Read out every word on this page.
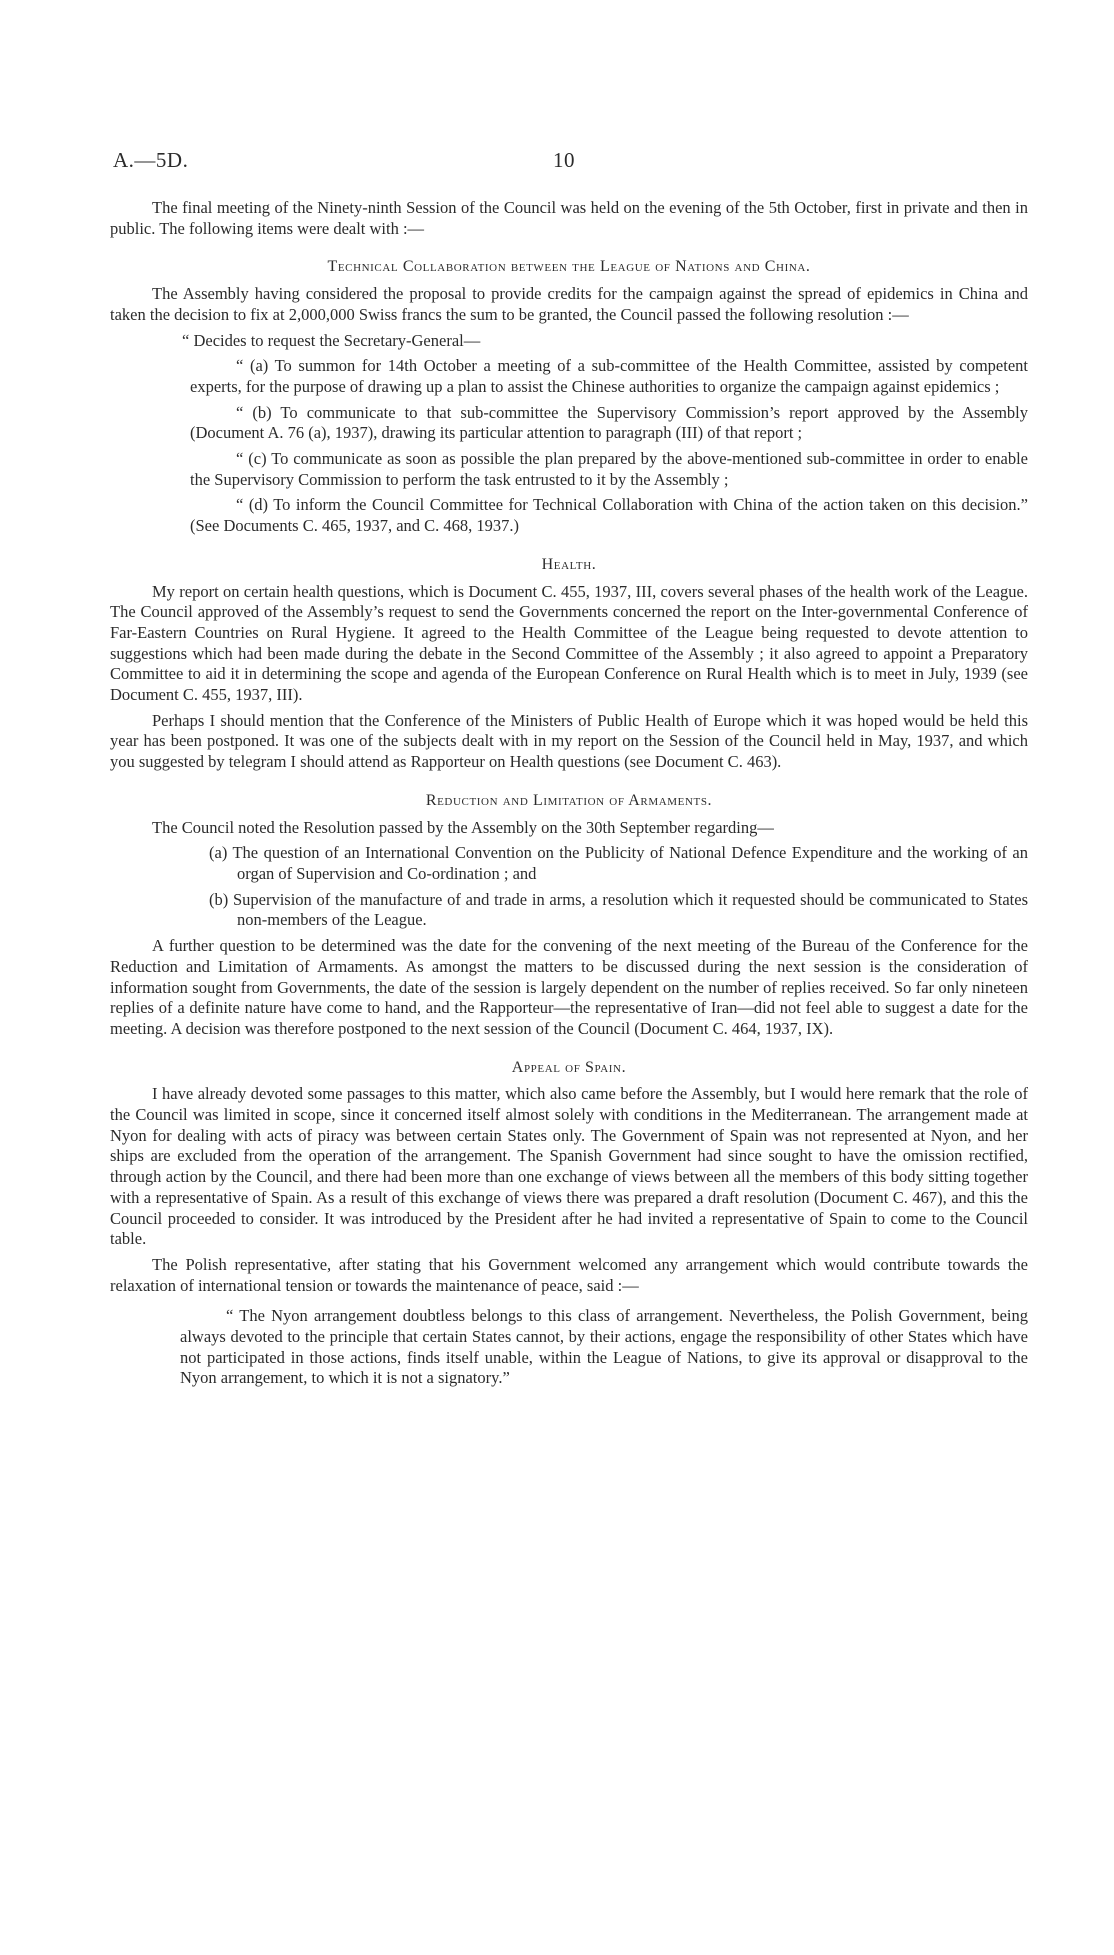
A.—5D.	10

The final meeting of the Ninety-ninth Session of the Council was held on the evening of the 5th October, first in private and then in public. The following items were dealt with :—

Technical Collaboration between the League of Nations and China.

The Assembly having considered the proposal to provide credits for the campaign against the spread of epidemics in China and taken the decision to fix at 2,000,000 Swiss francs the sum to be granted, the Council passed the following resolution :—

“ Decides to request the Secretary-General—

“ (a) To summon for 14th October a meeting of a sub-committee of the Health Committee, assisted by competent experts, for the purpose of drawing up a plan to assist the Chinese authorities to organize the campaign against epidemics ;

“ (b) To communicate to that sub-committee the Supervisory Commission’s report approved by the Assembly (Document A. 76 (a), 1937), drawing its particular attention to paragraph (III) of that report ;

“ (c) To communicate as soon as possible the plan prepared by the above-mentioned sub-committee in order to enable the Supervisory Commission to perform the task entrusted to it by the Assembly ;

“ (d) To inform the Council Committee for Technical Collaboration with China of the action taken on this decision.” (See Documents C. 465, 1937, and C. 468, 1937.)

Health.

My report on certain health questions, which is Document C. 455, 1937, III, covers several phases of the health work of the League. The Council approved of the Assembly’s request to send the Governments concerned the report on the Inter-governmental Conference of Far-Eastern Countries on Rural Hygiene. It agreed to the Health Committee of the League being requested to devote attention to suggestions which had been made during the debate in the Second Committee of the Assembly ; it also agreed to appoint a Preparatory Committee to aid it in determining the scope and agenda of the European Conference on Rural Health which is to meet in July, 1939 (see Document C. 455, 1937, III).

Perhaps I should mention that the Conference of the Ministers of Public Health of Europe which it was hoped would be held this year has been postponed. It was one of the subjects dealt with in my report on the Session of the Council held in May, 1937, and which you suggested by telegram I should attend as Rapporteur on Health questions (see Document C. 463).

Reduction and Limitation of Armaments.

The Council noted the Resolution passed by the Assembly on the 30th September regarding—

(a) The question of an International Convention on the Publicity of National Defence Expenditure and the working of an organ of Supervision and Co-ordination ; and

(b) Supervision of the manufacture of and trade in arms, a resolution which it requested should be communicated to States non-members of the League.

A further question to be determined was the date for the convening of the next meeting of the Bureau of the Conference for the Reduction and Limitation of Armaments. As amongst the matters to be discussed during the next session is the consideration of information sought from Governments, the date of the session is largely dependent on the number of replies received. So far only nineteen replies of a definite nature have come to hand, and the Rapporteur—the representative of Iran—did not feel able to suggest a date for the meeting. A decision was therefore postponed to the next session of the Council (Document C. 464, 1937, IX).

Appeal of Spain.

I have already devoted some passages to this matter, which also came before the Assembly, but I would here remark that the role of the Council was limited in scope, since it concerned itself almost solely with conditions in the Mediterranean. The arrangement made at Nyon for dealing with acts of piracy was between certain States only. The Government of Spain was not represented at Nyon, and her ships are excluded from the operation of the arrangement. The Spanish Government had since sought to have the omission rectified, through action by the Council, and there had been more than one exchange of views between all the members of this body sitting together with a representative of Spain. As a result of this exchange of views there was prepared a draft resolution (Document C. 467), and this the Council proceeded to consider. It was introduced by the President after he had invited a representative of Spain to come to the Council table.

The Polish representative, after stating that his Government welcomed any arrangement which would contribute towards the relaxation of international tension or towards the maintenance of peace, said :—

“ The Nyon arrangement doubtless belongs to this class of arrangement. Nevertheless, the Polish Government, being always devoted to the principle that certain States cannot, by their actions, engage the responsibility of other States which have not participated in those actions, finds itself unable, within the League of Nations, to give its approval or disapproval to the Nyon arrangement, to which it is not a signatory.”
